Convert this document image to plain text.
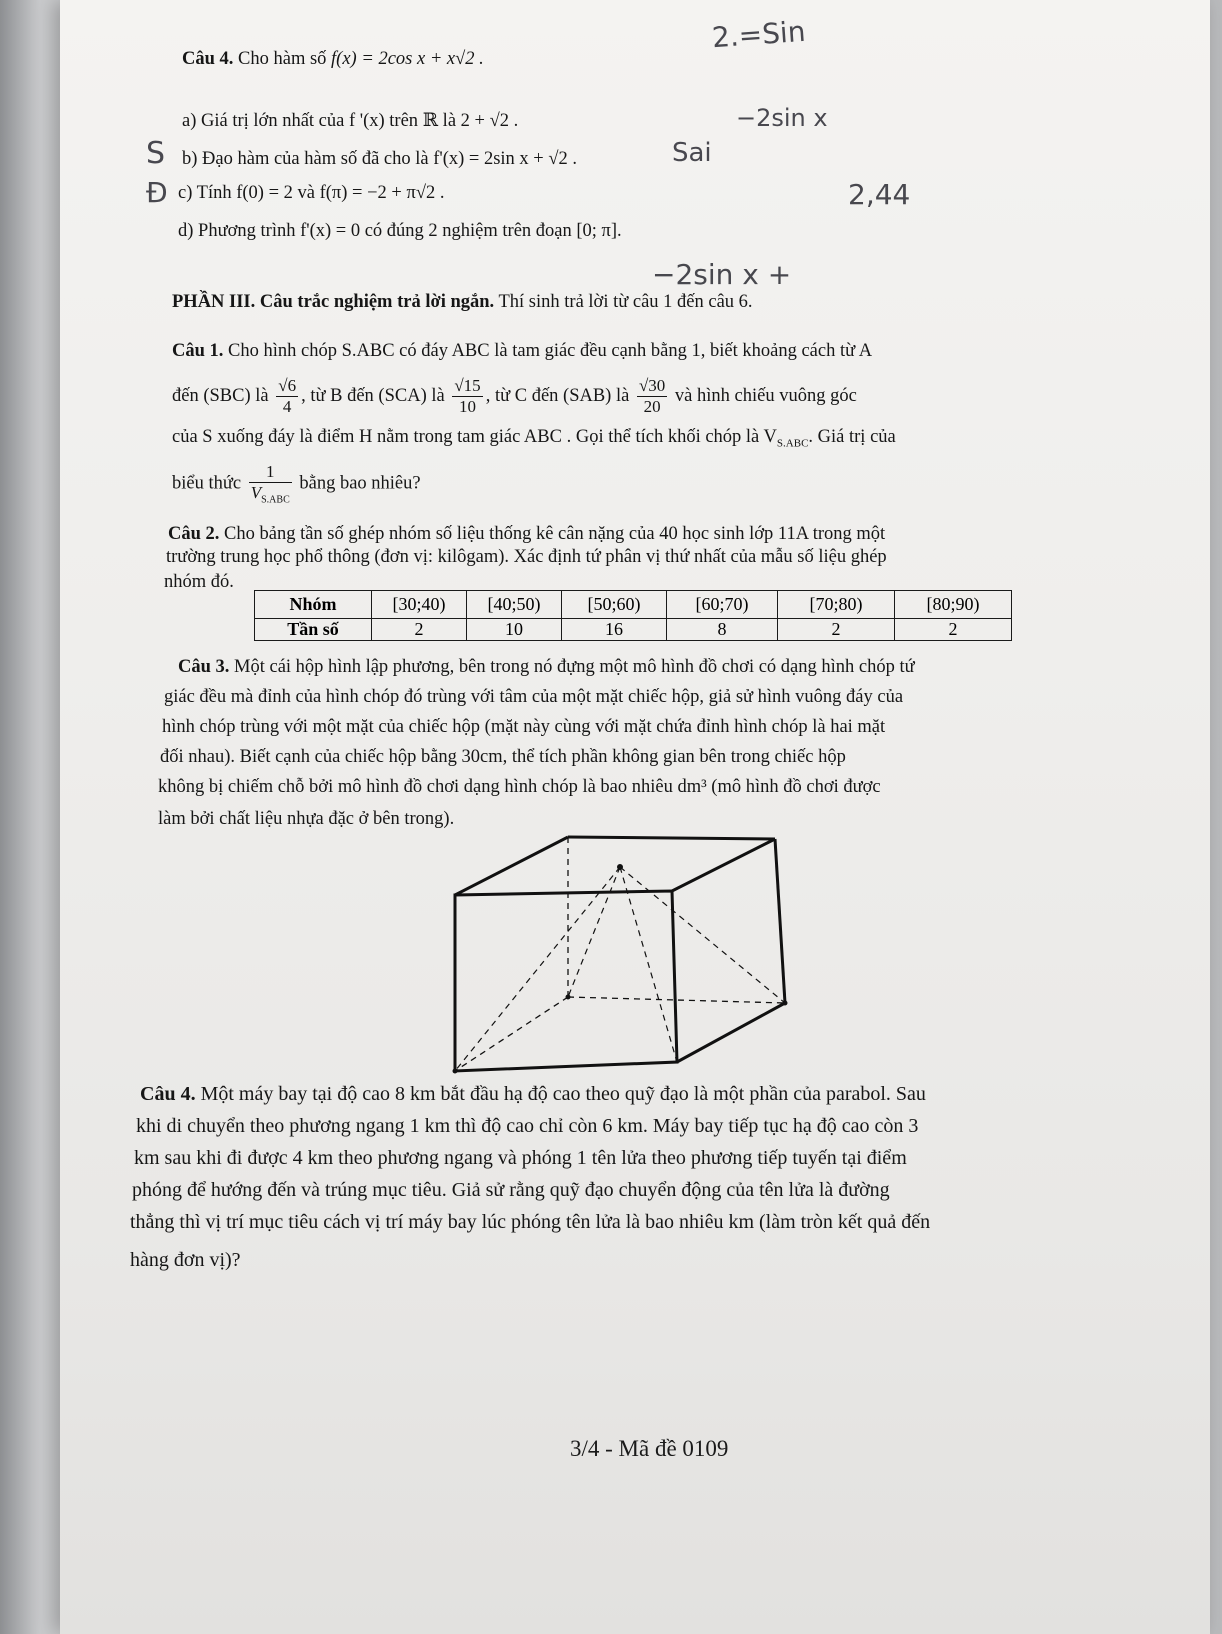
2.=Sin
−2sin x
Sai
S
Đ	2,44
−2sin x +
Câu 4. Cho hàm số f(x) = 2cos x + x√2 .
a) Giá trị lớn nhất của f '(x) trên ℝ là 2 + √2 .
b) Đạo hàm của hàm số đã cho là f'(x) = 2sin x + √2 .
c) Tính f(0) = 2 và f(π) = −2 + π√2 .
d) Phương trình f'(x) = 0 có đúng 2 nghiệm trên đoạn [0; π].
PHẦN III. Câu trắc nghiệm trả lời ngắn. Thí sinh trả lời từ câu 1 đến câu 6.
Câu 1. Cho hình chóp S.ABC có đáy ABC là tam giác đều cạnh bằng 1, biết khoảng cách từ A
đến (SBC) là $\frac{√6}{4}$ , từ B đến (SCA) là $\frac{√15}{10}$ , từ C đến (SAB) là $\frac{√30}{20}$ và hình chiếu vuông góc
của S xuống đáy là điểm H nằm trong tam giác ABC . Gọi thể tích khối chóp là $V_{S.ABC}$. Giá trị của
biểu thức $\frac{1}{V_{S.ABC}}$ bằng bao nhiêu?
Câu 2. Cho bảng tần số ghép nhóm số liệu thống kê cân nặng của 40 học sinh lớp 11A trong một
trường trung học phổ thông (đơn vị: kilôgam). Xác định tứ phân vị thứ nhất của mẫu số liệu ghép
nhóm đó.
Nhóm	[30;40)	[40;50)	[50;60)	[60;70)	[70;80)	[80;90)
Tần số	2	10	16	8	2	2
Câu 3. Một cái hộp hình lập phương, bên trong nó đựng một mô hình đồ chơi có dạng hình chóp tứ
giác đều mà đỉnh của hình chóp đó trùng với tâm của một mặt chiếc hộp, giả sử hình vuông đáy của
hình chóp trùng với một mặt của chiếc hộp (mặt này cùng với mặt chứa đỉnh hình chóp là hai mặt
đối nhau). Biết cạnh của chiếc hộp bằng 30cm, thể tích phần không gian bên trong chiếc hộp
không bị chiếm chỗ bởi mô hình đồ chơi dạng hình chóp là bao nhiêu dm³ (mô hình đồ chơi được
làm bởi chất liệu nhựa đặc ở bên trong).
Câu 4. Một máy bay tại độ cao 8 km bắt đầu hạ độ cao theo quỹ đạo là một phần của parabol. Sau
khi di chuyển theo phương ngang 1 km thì độ cao chỉ còn 6 km. Máy bay tiếp tục hạ độ cao còn 3
km sau khi đi được 4 km theo phương ngang và phóng 1 tên lửa theo phương tiếp tuyến tại điểm
phóng để hướng đến và trúng mục tiêu. Giả sử rằng quỹ đạo chuyển động của tên lửa là đường
thẳng thì vị trí mục tiêu cách vị trí máy bay lúc phóng tên lửa là bao nhiêu km (làm tròn kết quả đến
hàng đơn vị)?
3/4 - Mã đề 0109
